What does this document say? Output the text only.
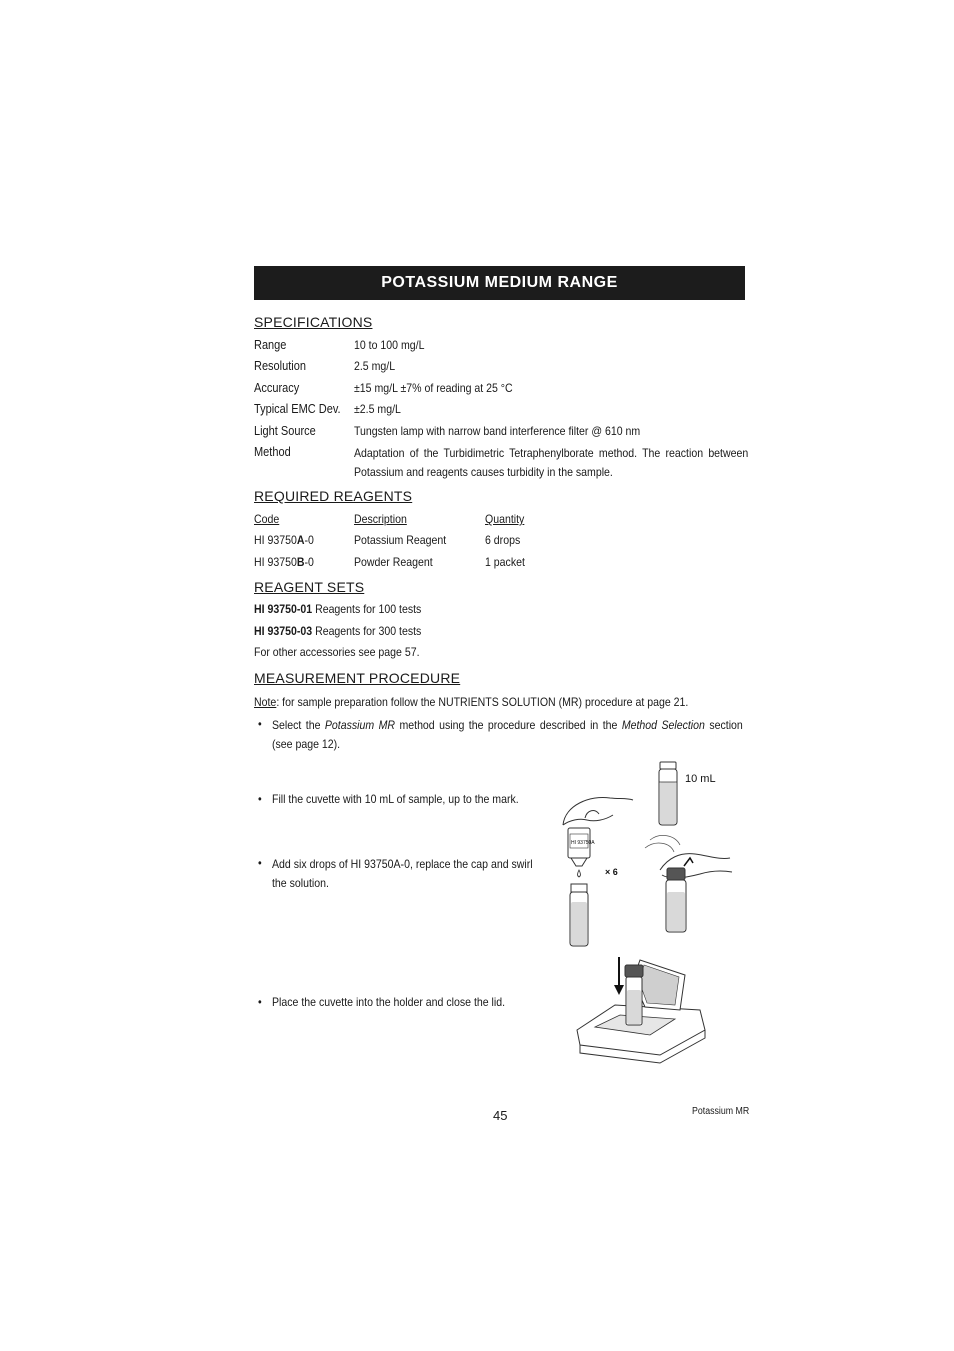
POTASSIUM MEDIUM RANGE
SPECIFICATIONS
Range	10 to 100 mg/L
Resolution	2.5 mg/L
Accuracy	±15 mg/L ±7% of reading at 25 °C
Typical EMC Dev. ±2.5 mg/L
Light Source	Tungsten lamp with narrow band interference filter @ 610 nm
Method	Adaptation of the Turbidimetric Tetraphenylborate method. The reaction between Potassium and reagents causes turbidity in the sample.
REQUIRED REAGENTS
Code	Description	Quantity
HI 93750A-0	Potassium Reagent	6 drops
HI 93750B-0	Powder Reagent	1 packet
REAGENT SETS
HI 93750-01 Reagents for 100 tests
HI 93750-03 Reagents for 300 tests
For other accessories see page 57.
MEASUREMENT PROCEDURE
Note: for sample preparation follow the NUTRIENTS SOLUTION (MR) procedure at page 21.
• Select the Potassium MR method using the procedure described in the Method Selection section (see page 12).
• Fill the cuvette with 10 mL of sample, up to the mark.
• Add six drops of HI 93750A-0, replace the cap and swirl the solution.
• Place the cuvette into the holder and close the lid.
10 mL
HI 93750A
× 6
45	Potassium MR
